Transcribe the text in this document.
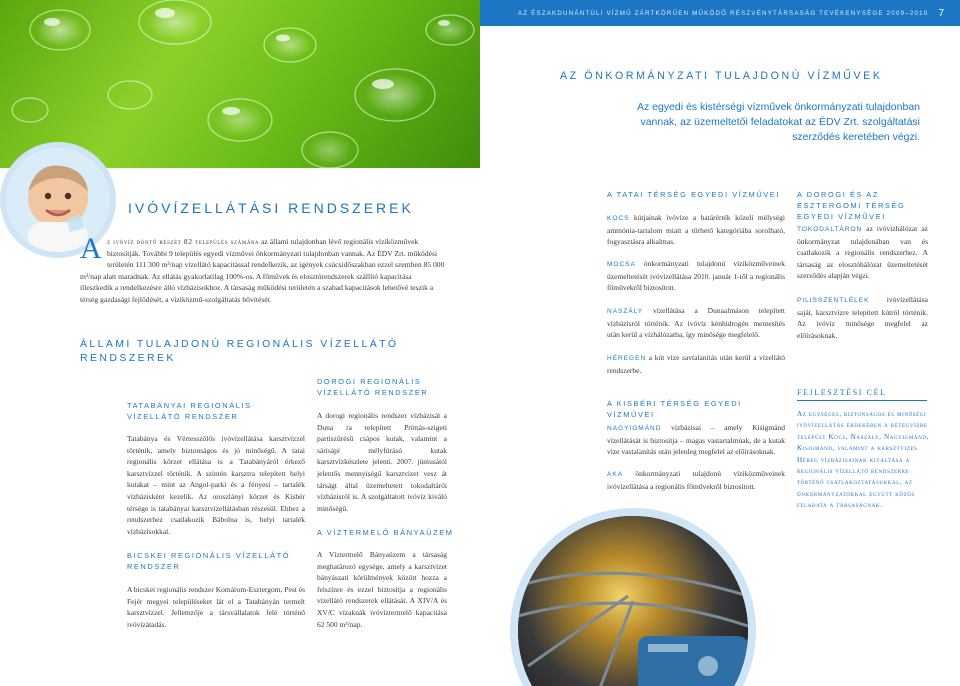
AZ ÉSZAKDUNÁNTÚLI VÍZMŰ ZÁRTKÖRŰEN MŰKÖDŐ RÉSZVÉNYTÁRSASÁG TEVÉKENYSÉGE 2009–2010 7
AZ ÖNKORMÁNYZATI TULAJDONÚ VÍZMŰVEK
Az egyedi és kistérségi vízművek önkormányzati tulajdonban vannak, az üzemeltetői feladatokat az ÉDV Zrt. szolgáltatási szerződés keretében végzi.
IVÓVÍZELLÁTÁSI RENDSZEREK
A z ivóvíz döntő részét 82 település számára az állami tulajdonban lévő regionális víziközművek biztosítják. További 9 település egyedi vízművei önkormányzati tulajdonban vannak. Az ÉDV Zrt. működési területén 111 300 m³/nap vízellátó kapacitással rendelkezik, az igények csúcsidőszakban ezzel szemben 85 000 m³/nap alatt maradnak. Az ellátás gyakorlatilag 100%-os. A főművek és elosztórendszerek szállító kapacitása illeszkedik a rendelkezésre álló vízbázisokhoz. A társaság működési területén a szabad kapacitások lehetővé teszik a térség gazdasági fejlődését, a víziközmű-szolgáltatás bővítését.
ÁLLAMI TULAJDONÚ REGIONÁLIS VÍZELLÁTÓ RENDSZEREK
TATABÁNYAI REGIONÁLIS VÍZELLÁTÓ RENDSZER
Tatabánya és Vértesszőlős ivóvízellátása karsztvízzel történik, amely biztonságos és jó minőségű. A tatai regionális körzet ellátása is a Tatabányáról érkező karsztvízzel történik. A szintén karsztra telepített helyi kutakat – mint az Angol-parki és a fényesi – tartalék vízbázisként kezelik. Az oroszlányi körzet és Kisbér térsége is tatabányai karsztvízellátásban részesül. Ehhez a rendszerhez csatlakozik Bábolna is, helyi tartalék vízbázisokkal.
BICSKEI REGIONÁLIS VÍZELLÁTÓ RENDSZER
A bicskei regionális rendszer Komárom-Esztergom, Pest és Fejér megyei településeket lát el a Tatabányán termelt karsztvízzel. Jellemzője a társvállalatok felé történő ivóvízátadás.
DOROGI REGIONÁLIS VÍZELLÁTÓ RENDSZER
A dorogi regionális rendszer vízbázisát a Duna ra telepített Prímás-szigeti partiszűrésű csápos kutak, valamint a sárisápi mélyfúrású kutak karsztvízkészlete jelenti. 2007. júniusától jelentős mennyiségű karsztvizet vesz át társágt által üzemeltetett tokodaltárói vízbázisról is. A szolgáltatott ivóvíz kiváló minőségű.
A VÍZTERMELŐ BÁNYAÜZEM
A Víztermelő Bányaüzem a társaság meghatározó egysége, amely a karsztvizet bányászati körülmények között hozza a felszínre és ezzel biztosítja a regionális vízellátó rendszerek ellátását. A XIV/A és XV/C vízaknák ivóvíztermelő kapacitása 62 500 m³/nap.
A TATAI TÉRSÉG EGYEDI VÍZMŰVEI
KOCS kútjainak ivóvize a határérték közeli mélységi ammónia-tartalom miatt a tűrhető kategóriába sorolható, fogyasztásra alkalmas.
MOCSA önkormányzati tulajdonú víziközműveinek üzemeltetését ivóvízellátása 2010. január 1-től a regionális főművekről biztosított.
NASZÁLY vízellátása a Dunaalmáson telepített vízbázisról történik. Az ivóvíz kénhidrogén mentesítés után kerül a vízhálózatba, így minősége megfelelő.
HÉREGEN a kút vize savtalanítás után kerül a vízellátó rendszerbe.
A KISBÉRI TÉRSÉG EGYEDI VÍZMŰVEI
NAGYIGMÁND vízbázisai – amely Kisigmánd vízellátását is biztosítja – magas vastartalmúak, de a kutak vize vastalanítás után jelenleg megfelel az előírásoknak.
AKA önkormányzati tulajdonú víziközműveinek ivóvízellátása a regionális főművekről biztosított.
A DOROGI ÉS AZ ESZTERGOMI TÉRSÉG EGYEDI VÍZMŰVEI
TOKODALTÁRON az ivóvízhálózat az önkormányzat tulajdonában van és csatlakozik a regionális rendszerhez. A társaság az elosztóhálózat üzemeltetését szerződés alapján végzi.
PILISSZENTLÉLEK ivóvízellátása saját, karsztvízre telepített kútról történik. Az ivóvíz minősége megfelel az előírásoknak.
FEJLESZTÉSI CÉL
Az egységes, biztonságos és minőségi ivóvízellátás érdekében a rétegvízre települt Kocs, Naszály, Nagyigmánd, Kisigmánd, valamint a karsztvizes Héreg vízbázisainak kiváltása a regionális vízellátó rendszerre történő csatlakoztatásukkal, az önkormányzatokkal együtt közös feladata a társaságnak.
